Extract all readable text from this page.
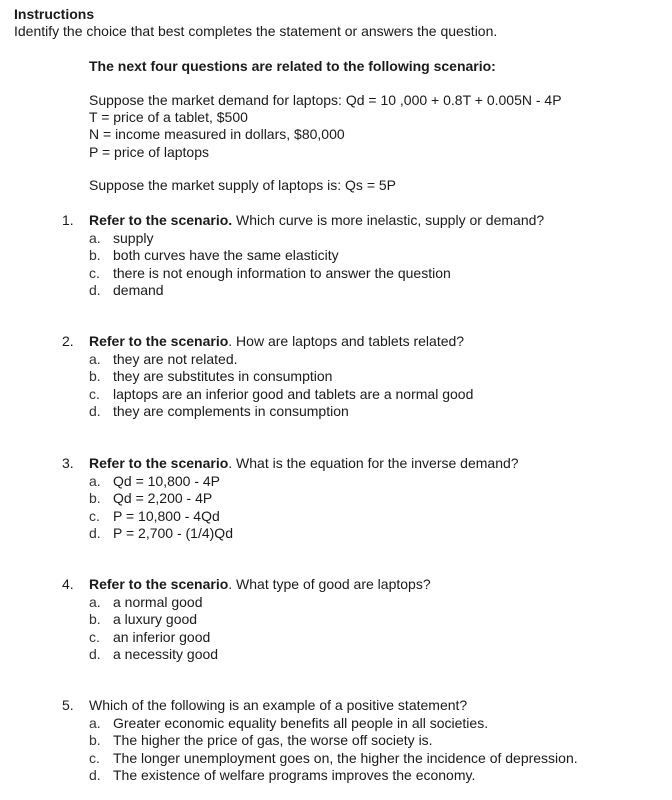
Instructions
Identify the choice that best completes the statement or answers the question.

The next four questions are related to the following scenario:

Suppose the market demand for laptops: Qd = 10 ,000 + 0.8T + 0.005N - 4P
T = price of a tablet, $500
N = income measured in dollars, $80,000
P = price of laptops
Suppose the market supply of laptops is: Qs = 5P
1.	Refer to the scenario. Which curve is more inelastic, supply or demand?
a. supply
b. both curves have the same elasticity
c. there is not enough information to answer the question
d. demand
2.	Refer to the scenario. How are laptops and tablets related?
a. they are not related.
b. they are substitutes in consumption
c. laptops are an inferior good and tablets are a normal good
d. they are complements in consumption
3.	Refer to the scenario. What is the equation for the inverse demand?
a. Qd = 10,800 - 4P
b. Qd = 2,200 - 4P
c. P = 10,800 - 4Qd
d. P = 2,700 - (1/4)Qd
4.	Refer to the scenario. What type of good are laptops?
a. a normal good
b. a luxury good
c. an inferior good
d. a necessity good
5.	Which of the following is an example of a positive statement?
a. Greater economic equality benefits all people in all societies.
b. The higher the price of gas, the worse off society is.
c. The longer unemployment goes on, the higher the incidence of depression.
d. The existence of welfare programs improves the economy.
